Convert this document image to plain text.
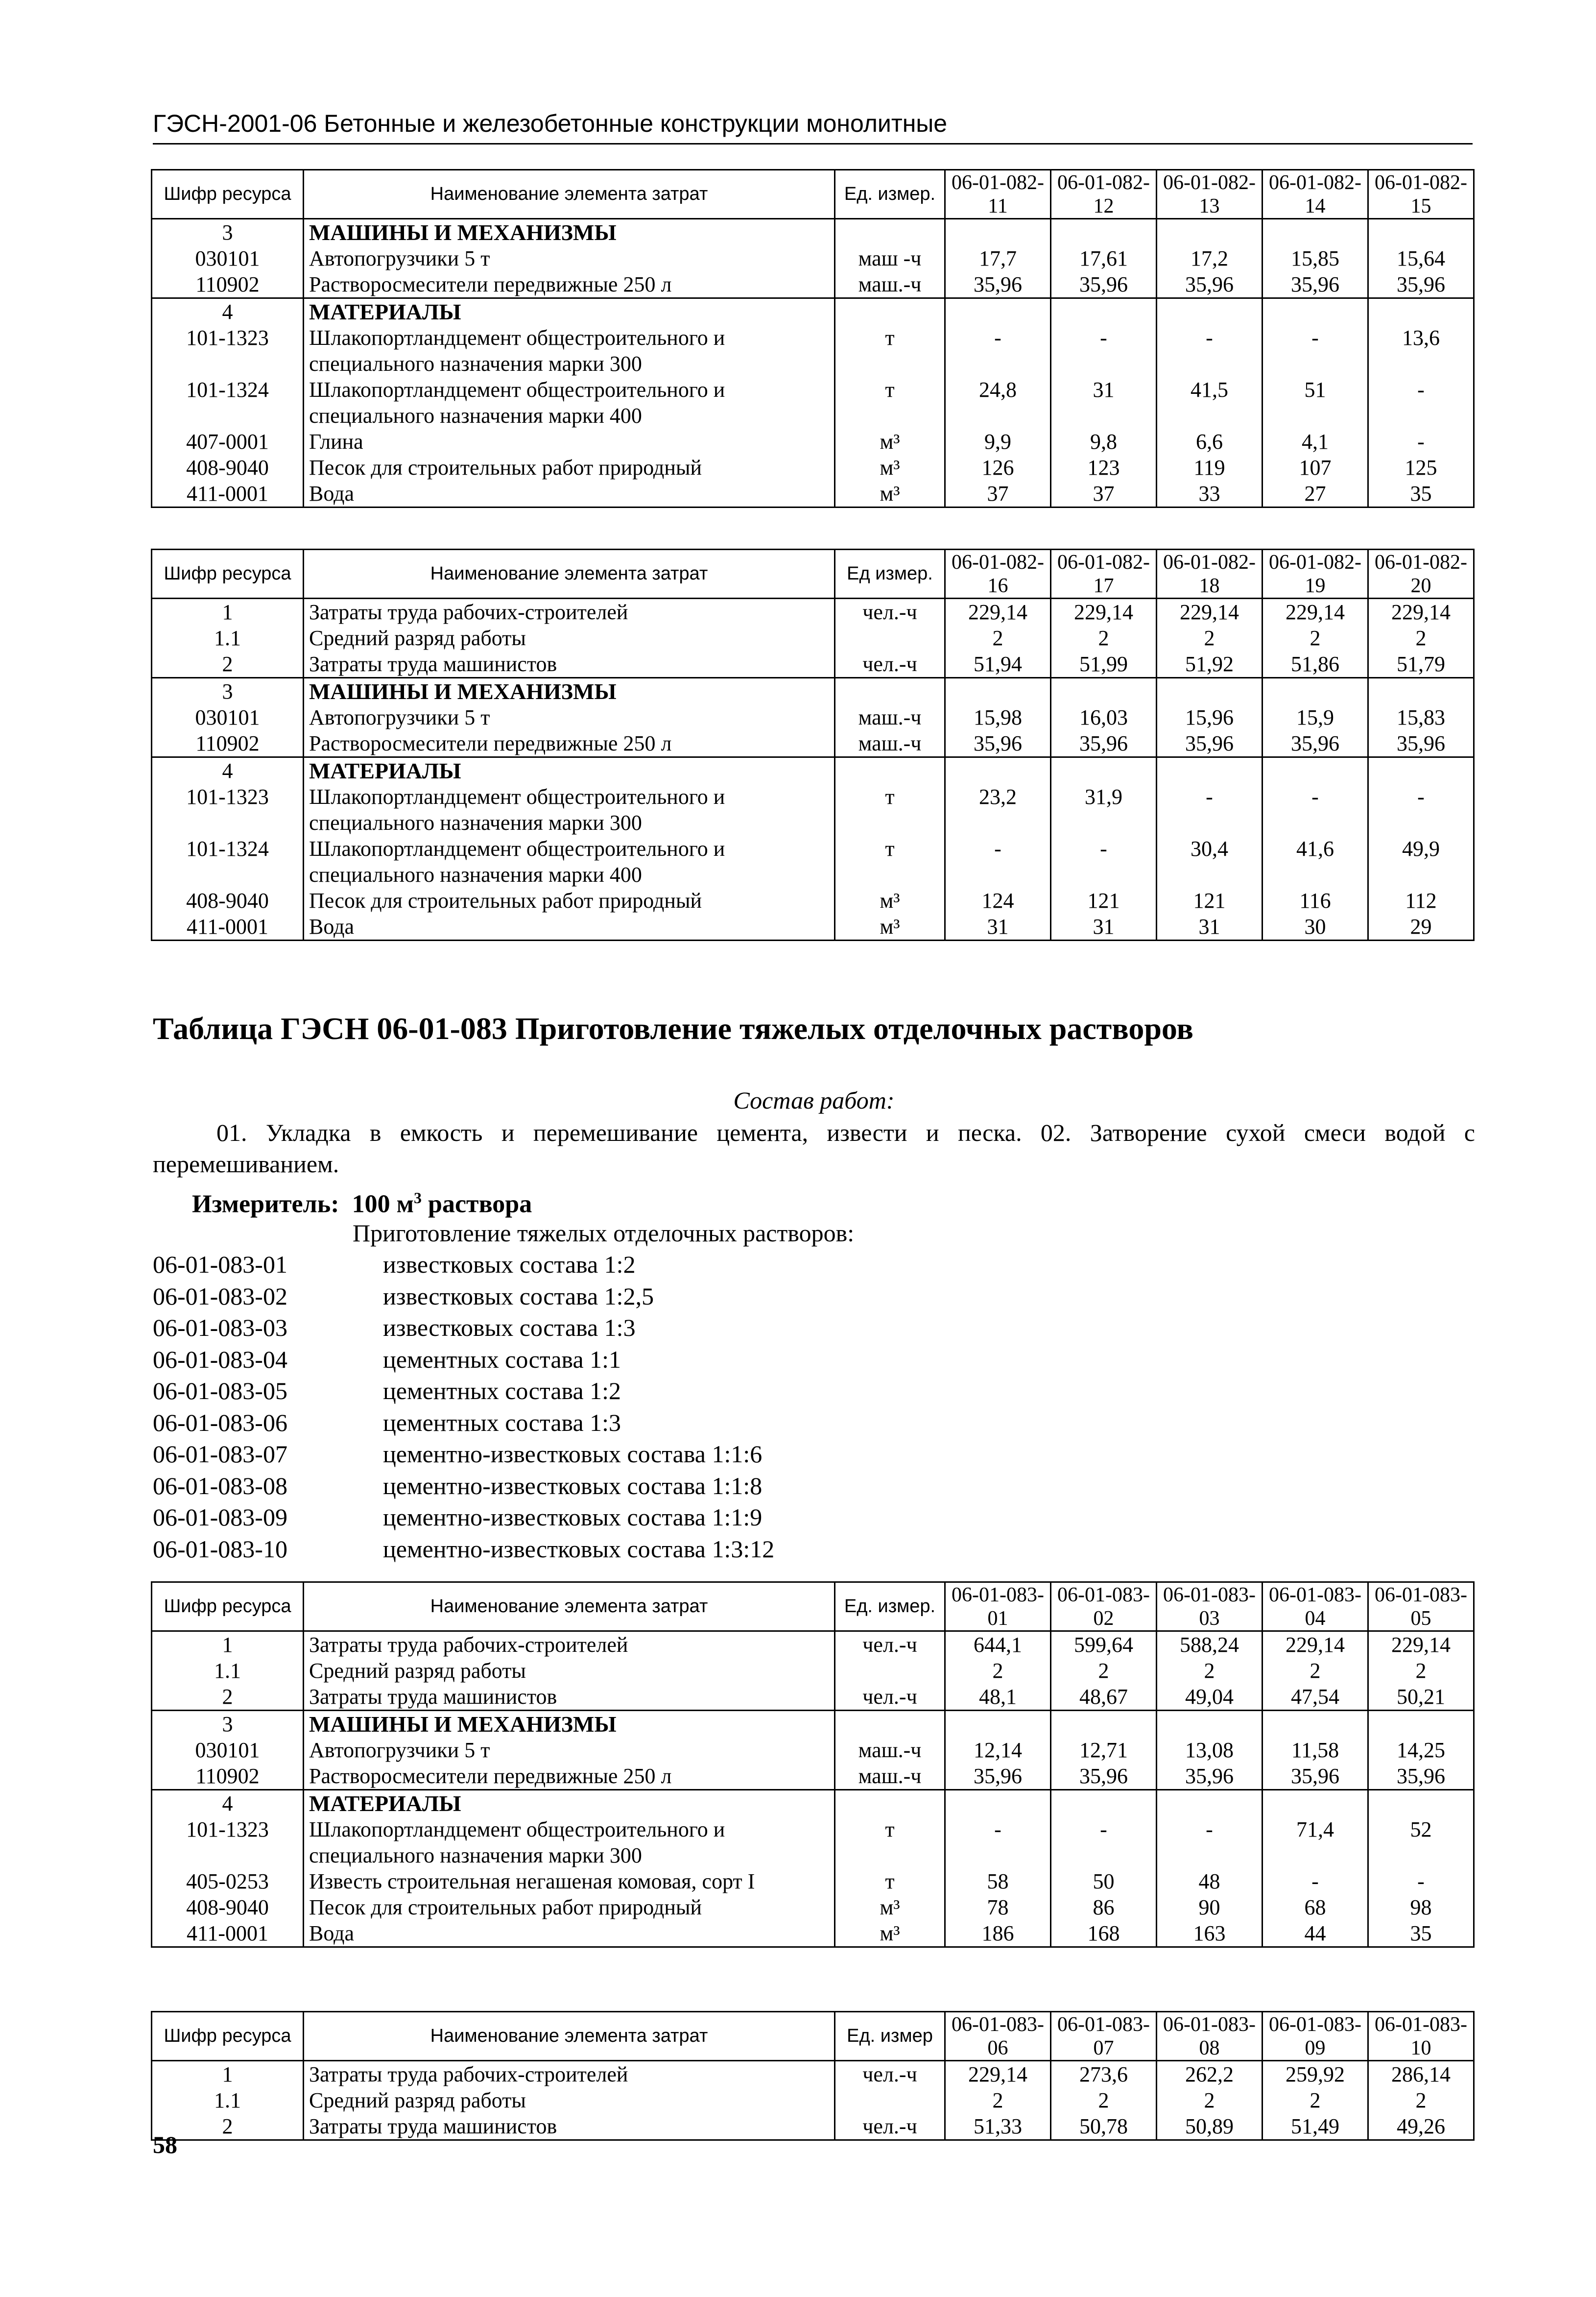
ГЭСН-2001-06 Бетонные и железобетонные конструкции монолитные
Шифр ресурса	Наименование элемента затрат	Ед. измер.	06-01-082-11	06-01-082-12	06-01-082-13	06-01-082-14	06-01-082-15
3	МАШИНЫ И МЕХАНИЗМЫ						
030101	Автопогрузчики 5 т	маш -ч	17,7	17,61	17,2	15,85	15,64
110902	Растворосмесители передвижные 250 л	маш.-ч	35,96	35,96	35,96	35,96	35,96
4	МАТЕРИАЛЫ						
101-1323	Шлакопортландцемент общестроительного и специального назначения марки 300	т	-	-	-	-	13,6
101-1324	Шлакопортландцемент общестроительного и специального назначения марки 400	т	24,8	31	41,5	51	-
407-0001	Глина	м³	9,9	9,8	6,6	4,1	-
408-9040	Песок для строительных работ природный	м³	126	123	119	107	125
411-0001	Вода	м³	37	37	33	27	35
Шифр ресурса	Наименование элемента затрат	Ед измер.	06-01-082-16	06-01-082-17	06-01-082-18	06-01-082-19	06-01-082-20
1	Затраты труда рабочих-строителей	чел.-ч	229,14	229,14	229,14	229,14	229,14
1.1	Средний разряд работы		2	2	2	2	2
2	Затраты труда машинистов	чел.-ч	51,94	51,99	51,92	51,86	51,79
3	МАШИНЫ И МЕХАНИЗМЫ						
030101	Автопогрузчики 5 т	маш.-ч	15,98	16,03	15,96	15,9	15,83
110902	Растворосмесители передвижные 250 л	маш.-ч	35,96	35,96	35,96	35,96	35,96
4	МАТЕРИАЛЫ						
101-1323	Шлакопортландцемент общестроительного и специального назначения марки 300	т	23,2	31,9	-	-	-
101-1324	Шлакопортландцемент общестроительного и специального назначения марки 400	т	-	-	30,4	41,6	49,9
408-9040	Песок для строительных работ природный	м³	124	121	121	116	112
411-0001	Вода	м³	31	31	31	30	29
Таблица ГЭСН 06-01-083 Приготовление тяжелых отделочных растворов
Состав работ:
01. Укладка в емкость и перемешивание цемента, извести и песка. 02. Затворение сухой смеси водой с перемешиванием.
Измеритель: 100 $м^3$ раствора
Приготовление тяжелых отделочных растворов:
06-01-083-01	известковых состава 1:2
06-01-083-02	известковых состава 1:2,5
06-01-083-03	известковых состава 1:3
06-01-083-04	цементных состава 1:1
06-01-083-05	цементных состава 1:2
06-01-083-06	цементных состава 1:3
06-01-083-07	цементно-известковых состава 1:1:6
06-01-083-08	цементно-известковых состава 1:1:8
06-01-083-09	цементно-известковых состава 1:1:9
06-01-083-10	цементно-известковых состава 1:3:12
Шифр ресурса	Наименование элемента затрат	Ед. измер.	06-01-083-01	06-01-083-02	06-01-083-03	06-01-083-04	06-01-083-05
1	Затраты труда рабочих-строителей	чел.-ч	644,1	599,64	588,24	229,14	229,14
1.1	Средний разряд работы		2	2	2	2	2
2	Затраты труда машинистов	чел.-ч	48,1	48,67	49,04	47,54	50,21
3	МАШИНЫ И МЕХАНИЗМЫ						
030101	Автопогрузчики 5 т	маш.-ч	12,14	12,71	13,08	11,58	14,25
110902	Растворосмесители передвижные 250 л	маш.-ч	35,96	35,96	35,96	35,96	35,96
4	МАТЕРИАЛЫ						
101-1323	Шлакопортландцемент общестроительного и специального назначения марки 300	т	-	-	-	71,4	52
405-0253	Известь строительная негашеная комовая, сорт I	т	58	50	48	-	-
408-9040	Песок для строительных работ природный	м³	78	86	90	68	98
411-0001	Вода	м³	186	168	163	44	35
Шифр ресурса	Наименование элемента затрат	Ед. измер	06-01-083-06	06-01-083-07	06-01-083-08	06-01-083-09	06-01-083-10
1	Затраты труда рабочих-строителей	чел.-ч	229,14	273,6	262,2	259,92	286,14
1.1	Средний разряд работы		2	2	2	2	2
2	Затраты труда машинистов	чел.-ч	51,33	50,78	50,89	51,49	49,26
58
